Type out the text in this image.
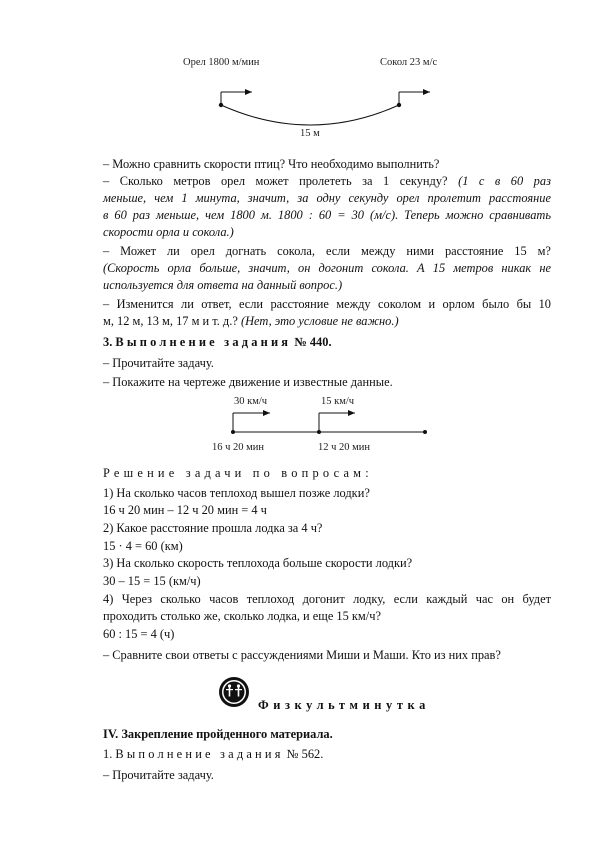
Орел 1800 м/мин	Сокол 23 м/с
15 м
– Можно сравнить скорости птиц? Что необходимо выполнить?
– Сколько метров орел может пролететь за 1 секунду? (1 с в 60 раз
меньше, чем 1 минута, значит, за одну секунду орел пролетит расстояние
в 60 раз меньше, чем 1800 м. 1800 : 60 = 30 (м/с). Теперь можно сравнивать
скорости орла и сокола.)
– Может ли орел догнать сокола, если между ними расстояние 15 м?
(Скорость орла больше, значит, он догонит сокола. А 15 метров никак не
используется для ответа на данный вопрос.)
– Изменится ли ответ, если расстояние между соколом и орлом было бы 10
м, 12 м, 13 м, 17 м и т. д.? (Нет, это условие не важно.)
3. Выполнение задания № 440.
– Прочитайте задачу.
– Покажите на чертеже движение и известные данные.
30 км/ч	15 км/ч
16 ч 20 мин	12 ч 20 мин
Решение задачи по вопросам:
1) На сколько часов теплоход вышел позже лодки?
16 ч 20 мин – 12 ч 20 мин = 4 ч
2) Какое расстояние прошла лодка за 4 ч?
15 · 4 = 60 (км)
3) На сколько скорость теплохода больше скорости лодки?
30 – 15 = 15 (км/ч)
4) Через сколько часов теплоход догонит лодку, если каждый час он будет
проходить столько же, сколько лодка, и еще 15 км/ч?
60 : 15 = 4 (ч)
– Сравните свои ответы с рассуждениями Миши и Маши. Кто из них прав?
Физкультминутка
IV. Закрепление пройденного материала.
1. Выполнение задания № 562.
– Прочитайте задачу.
